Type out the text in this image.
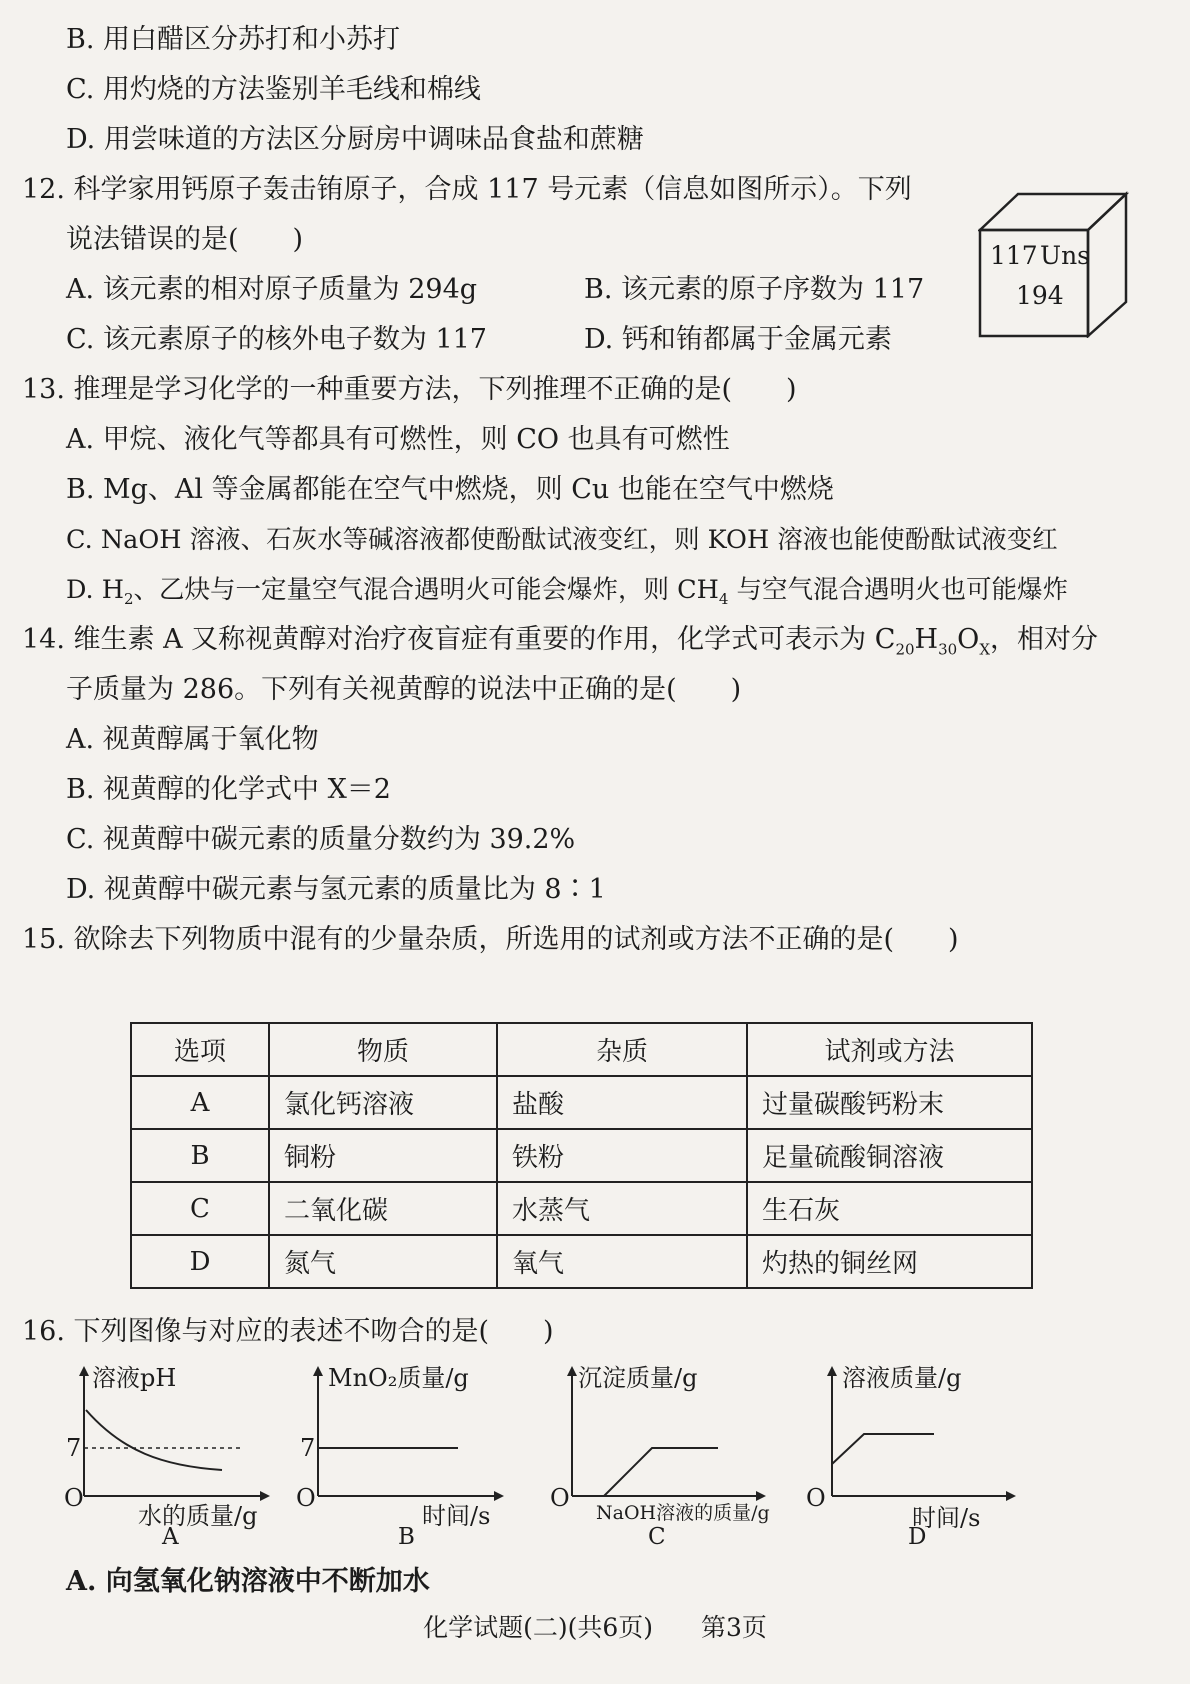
B. 用白醋区分苏打和小苏打
C. 用灼烧的方法鉴别羊毛线和棉线
D. 用尝味道的方法区分厨房中调味品食盐和蔗糖
12. 科学家用钙原子轰击铕原子，合成 117 号元素（信息如图所示）。下列
说法错误的是(　　)
A. 该元素的相对原子质量为 294g	B. 该元素的原子序数为 117
C. 该元素原子的核外电子数为 117	D. 钙和铕都属于金属元素
117 Uns
194
13. 推理是学习化学的一种重要方法，下列推理不正确的是(　　)
A. 甲烷、液化气等都具有可燃性，则 CO 也具有可燃性
B. Mg、Al 等金属都能在空气中燃烧，则 Cu 也能在空气中燃烧
C. NaOH 溶液、石灰水等碱溶液都使酚酞试液变红，则 KOH 溶液也能使酚酞试液变红
D. $H_2$、乙炔与一定量空气混合遇明火可能会爆炸，则 $CH_4$ 与空气混合遇明火也可能爆炸
14. 维生素 A 又称视黄醇对治疗夜盲症有重要的作用，化学式可表示为 $C_{20}H_{30}O_X$，相对分
子质量为 286。下列有关视黄醇的说法中正确的是(　　)
A. 视黄醇属于氧化物
B. 视黄醇的化学式中 X＝2
C. 视黄醇中碳元素的质量分数约为 39.2%
D. 视黄醇中碳元素与氢元素的质量比为 8∶1
15. 欲除去下列物质中混有的少量杂质，所选用的试剂或方法不正确的是(　　)
选项	物质	杂质	试剂或方法
A	氯化钙溶液	盐酸	过量碳酸钙粉末
B	铜粉	铁粉	足量硫酸铜溶液
C	二氧化碳	水蒸气	生石灰
D	氮气	氧气	灼热的铜丝网
16. 下列图像与对应的表述不吻合的是(　　)
溶液pH
7
O
水的质量/g
A
MnO₂质量/g
7
O
时间/s
B
沉淀质量/g
O
NaOH溶液的质量/g
C
溶液质量/g
O
时间/s
D
A. 向氢氧化钠溶液中不断加水
化学试题(二)(共6页) 第3页
